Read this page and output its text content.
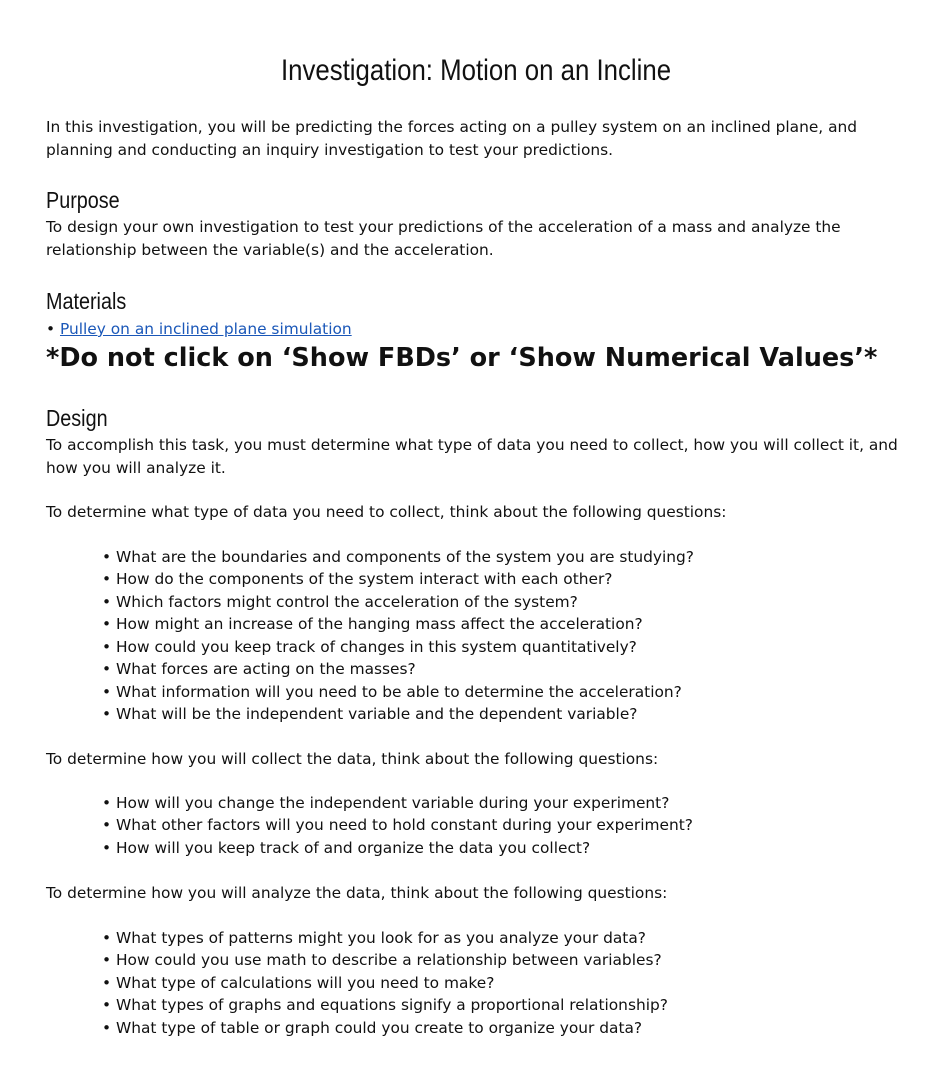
Investigation: Motion on an Incline

In this investigation, you will be predicting the forces acting on a pulley system on an inclined plane, and planning and conducting an inquiry investigation to test your predictions.

Purpose

To design your own investigation to test your predictions of the acceleration of a mass and analyze the relationship between the variable(s) and the acceleration.

Materials

• Pulley on an inclined plane simulation

*Do not click on ‘Show FBDs’ or ‘Show Numerical Values’*

Design

To accomplish this task, you must determine what type of data you need to collect, how you will collect it, and how you will analyze it.

To determine what type of data you need to collect, think about the following questions:

• What are the boundaries and components of the system you are studying?
• How do the components of the system interact with each other?
• Which factors might control the acceleration of the system?
• How might an increase of the hanging mass affect the acceleration?
• How could you keep track of changes in this system quantitatively?
• What forces are acting on the masses?
• What information will you need to be able to determine the acceleration?
• What will be the independent variable and the dependent variable?

To determine how you will collect the data, think about the following questions:

• How will you change the independent variable during your experiment?
• What other factors will you need to hold constant during your experiment?
• How will you keep track of and organize the data you collect?

To determine how you will analyze the data, think about the following questions:

• What types of patterns might you look for as you analyze your data?
• How could you use math to describe a relationship between variables?
• What type of calculations will you need to make?
• What types of graphs and equations signify a proportional relationship?
• What type of table or graph could you create to organize your data?
